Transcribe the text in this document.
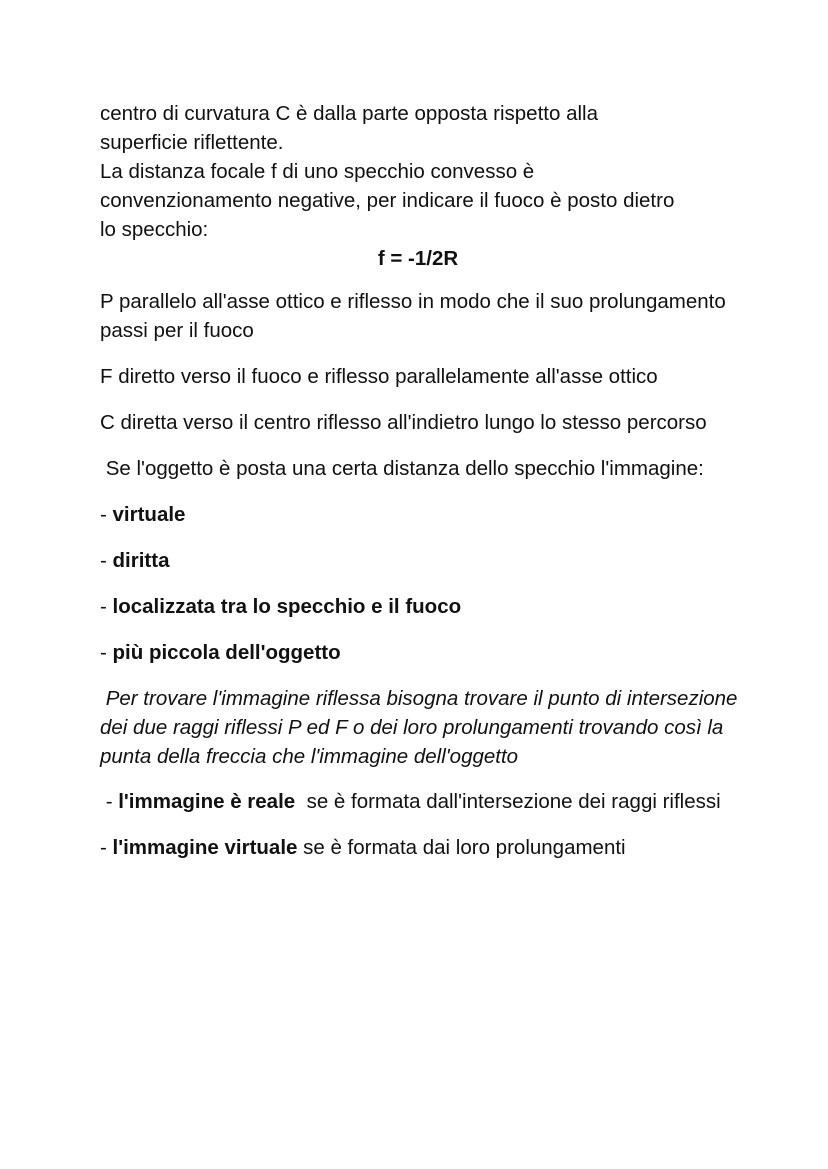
centro di curvatura C è dalla parte opposta rispetto alla
superficie riflettente.
La distanza focale f di uno specchio convesso è
convenzionamento negative, per indicare il fuoco è posto dietro
lo specchio:

f = -1/2R

P parallelo all'asse ottico e riflesso in modo che il suo prolungamento passi per il fuoco

F diretto verso il fuoco e riflesso parallelamente all'asse ottico

C diretta verso il centro riflesso all'indietro lungo lo stesso percorso

Se l'oggetto è posta una certa distanza dello specchio l'immagine:

- virtuale

- diritta

- localizzata tra lo specchio e il fuoco

- più piccola dell'oggetto

Per trovare l'immagine riflessa bisogna trovare il punto di intersezione dei due raggi riflessi P ed F o dei loro prolungamenti trovando così la punta della freccia che l'immagine dell'oggetto

- l'immagine è reale  se è formata dall'intersezione dei raggi riflessi

- l'immagine virtuale se è formata dai loro prolungamenti
